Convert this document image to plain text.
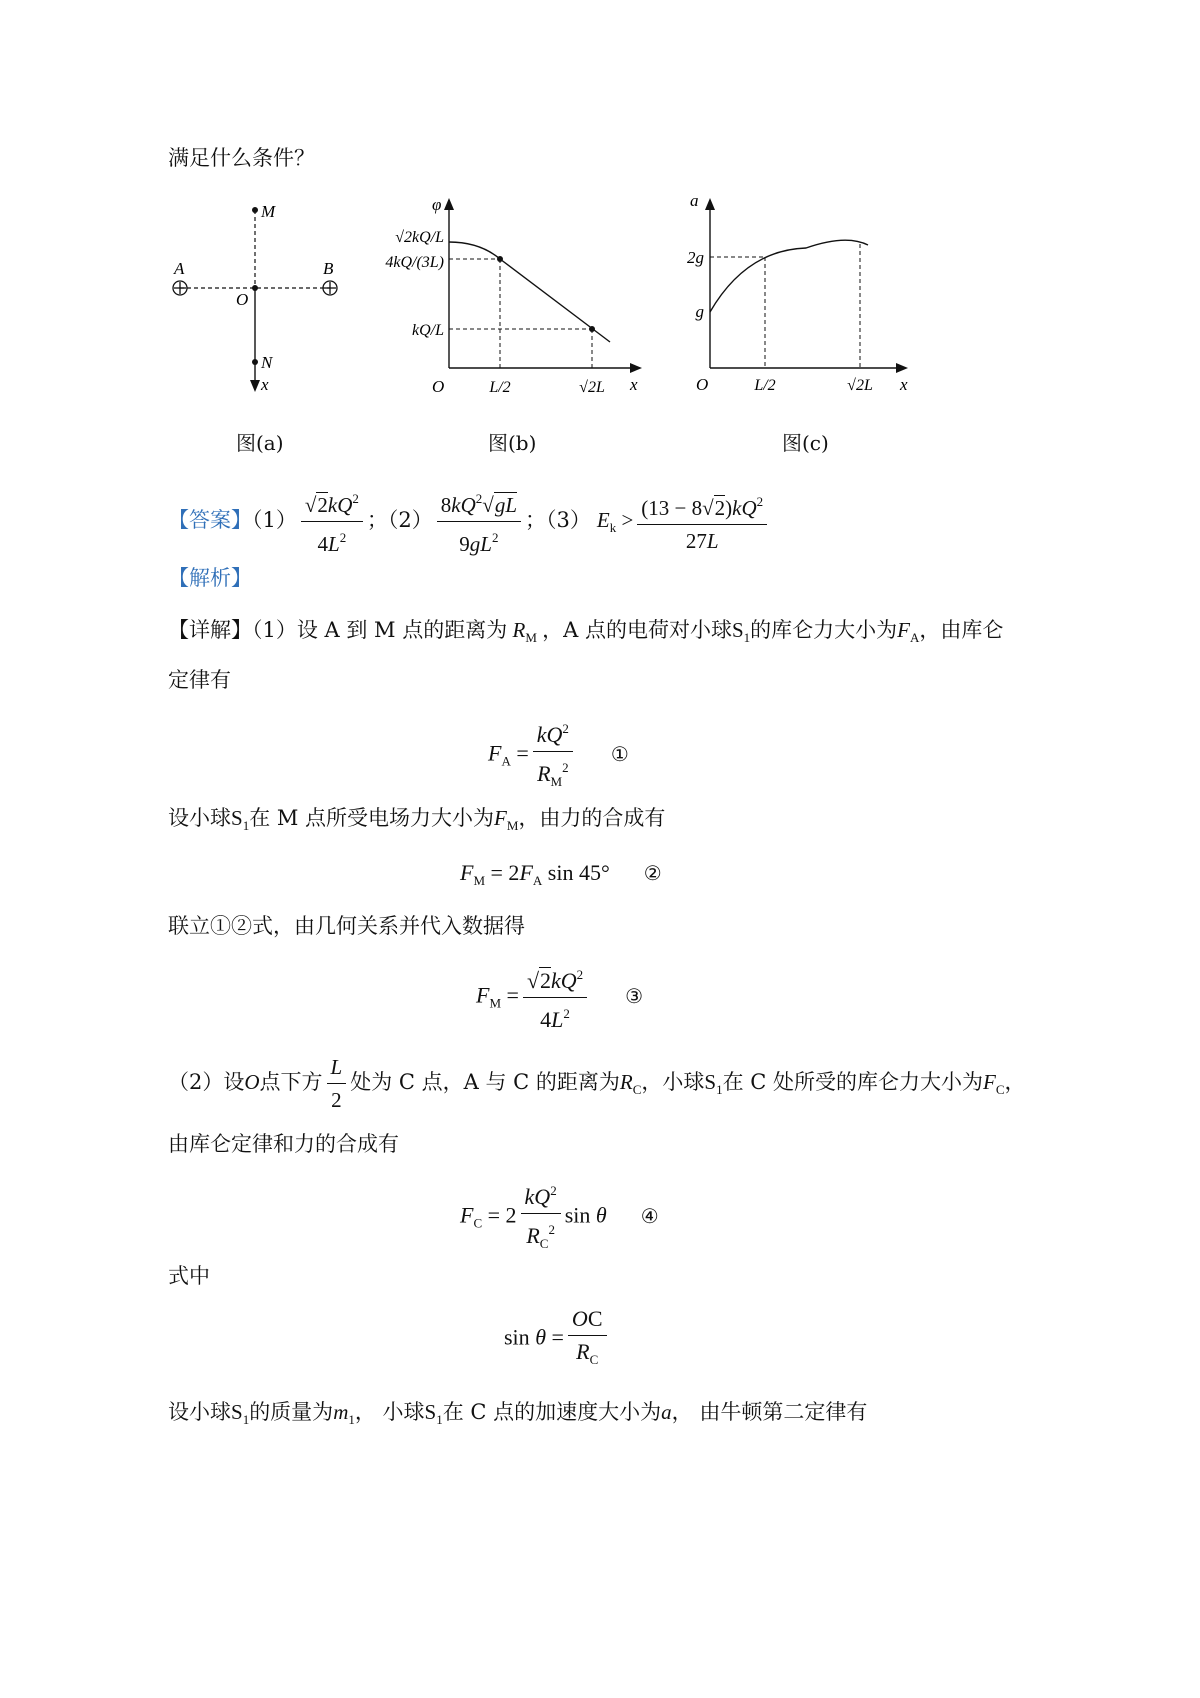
满足什么条件？
M
A	B
O
N
x
图(a)
φ
x
O
√2kQ/L
4kQ/(3L)
kQ/L
L/2	√2L
图(b)
a
x
O
2g
g
L/2	√2L
图(c)
【答案】$(1) \frac{√2kQ^2}{4L^2}$ ；$(2) \frac{8kQ^2√gL}{9gL^2}$ ；（3） $E_k > \frac{(13 - 8√2)kQ^2}{27L}$
【解析】
【详解】（1）设 A 到 M 点的距离为 $R_M$ ，A 点的电荷对小球$S_1$的库仑力大小为$F_A$，由库仑
定律有
$F_A = \frac{kQ^2}{R_M^2}$ ①
设小球$S_1$在 M 点所受电场力大小为$F_M$，由力的合成有
$F_M = 2F_A$ sin 45° ②
联立①②式，由几何关系并代入数据得
$F_M = \frac{√2kQ^2}{4L^2}$ ③
（2）设O点下方 $\frac{L}{2}$ 处为 C 点，A 与 C 的距离为$R_C$，小球$S_1$在 C 处所受的库仑力大小为$F_C$，
由库仑定律和力的合成有
$F_C = 2 \frac{kQ^2}{R_C^2}$ sin θ ④
式中
$\sin \theta = \frac{OC}{R_C}$
设小球$S_1$的质量为$m_1$， 小球$S_1$在 C 点的加速度大小为a， 由牛顿第二定律有
